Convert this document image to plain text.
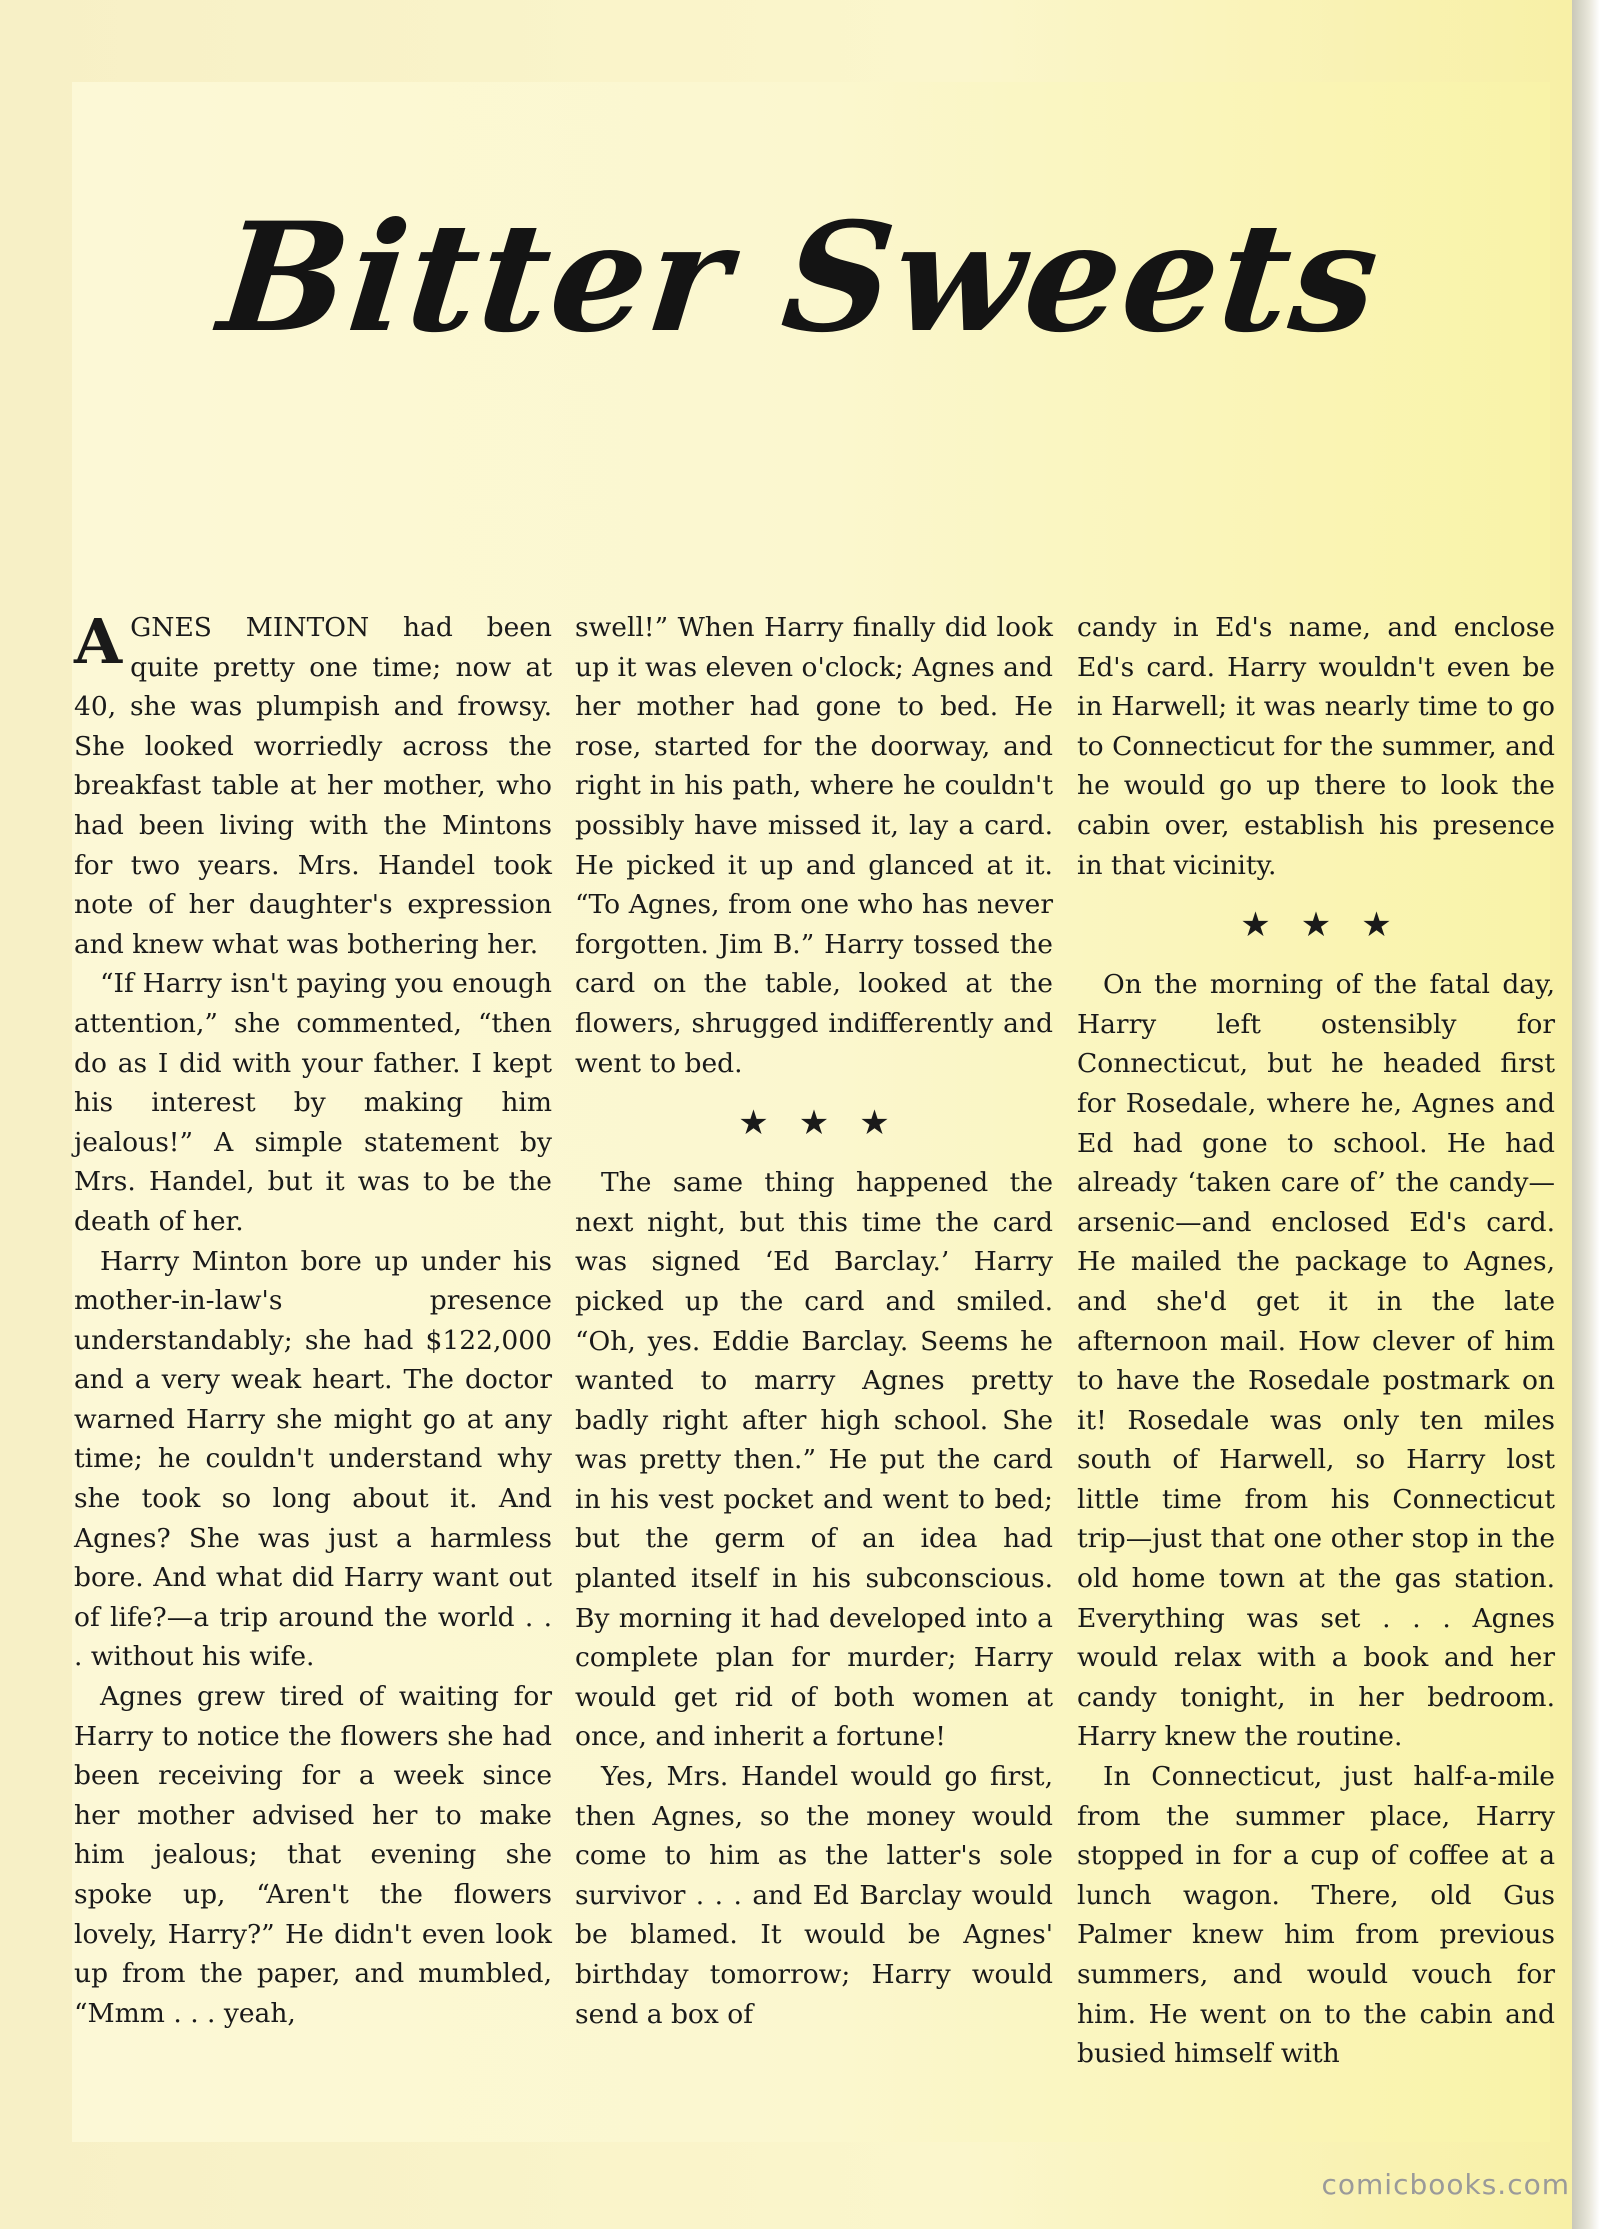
Bitter Sweets

AGNES MINTON had been quite pretty one time; now at 40, she was plumpish and frowsy. She looked worriedly across the breakfast table at her mother, who had been living with the Mintons for two years. Mrs. Handel took note of her daughter's expression and knew what was bothering her.

“If Harry isn't paying you enough attention,” she commented, “then do as I did with your father. I kept his interest by making him jealous!” A simple statement by Mrs. Handel, but it was to be the death of her.

Harry Minton bore up under his mother-in-law's presence understandably; she had $122,000 and a very weak heart. The doctor warned Harry she might go at any time; he couldn't understand why she took so long about it. And Agnes? She was just a harmless bore. And what did Harry want out of life?—a trip around the world . . . without his wife.

Agnes grew tired of waiting for Harry to notice the flowers she had been receiving for a week since her mother advised her to make him jealous; that evening she spoke up, “Aren't the flowers lovely, Harry?” He didn't even look up from the paper, and mumbled, “Mmm . . . yeah,

swell!” When Harry finally did look up it was eleven o'clock; Agnes and her mother had gone to bed. He rose, started for the doorway, and right in his path, where he couldn't possibly have missed it, lay a card. He picked it up and glanced at it. “To Agnes, from one who has never forgotten. Jim B.” Harry tossed the card on the table, looked at the flowers, shrugged indifferently and went to bed.

★★★

The same thing happened the next night, but this time the card was signed ‘Ed Barclay.’ Harry picked up the card and smiled. “Oh, yes. Eddie Barclay. Seems he wanted to marry Agnes pretty badly right after high school. She was pretty then.” He put the card in his vest pocket and went to bed; but the germ of an idea had planted itself in his subconscious. By morning it had developed into a complete plan for murder; Harry would get rid of both women at once, and inherit a fortune!

Yes, Mrs. Handel would go first, then Agnes, so the money would come to him as the latter's sole survivor . . . and Ed Barclay would be blamed. It would be Agnes' birthday tomorrow; Harry would send a box of

candy in Ed's name, and enclose Ed's card. Harry wouldn't even be in Harwell; it was nearly time to go to Connecticut for the summer, and he would go up there to look the cabin over, establish his presence in that vicinity.

★★★

On the morning of the fatal day, Harry left ostensibly for Connecticut, but he headed first for Rosedale, where he, Agnes and Ed had gone to school. He had already ‘taken care of’ the candy—arsenic—and enclosed Ed's card. He mailed the package to Agnes, and she'd get it in the late afternoon mail. How clever of him to have the Rosedale postmark on it! Rosedale was only ten miles south of Harwell, so Harry lost little time from his Connecticut trip—just that one other stop in the old home town at the gas station. Everything was set . . . Agnes would relax with a book and her candy tonight, in her bedroom. Harry knew the routine.

In Connecticut, just half-a-mile from the summer place, Harry stopped in for a cup of coffee at a lunch wagon. There, old Gus Palmer knew him from previous summers, and would vouch for him. He went on to the cabin and busied himself with

comicbooks.com
